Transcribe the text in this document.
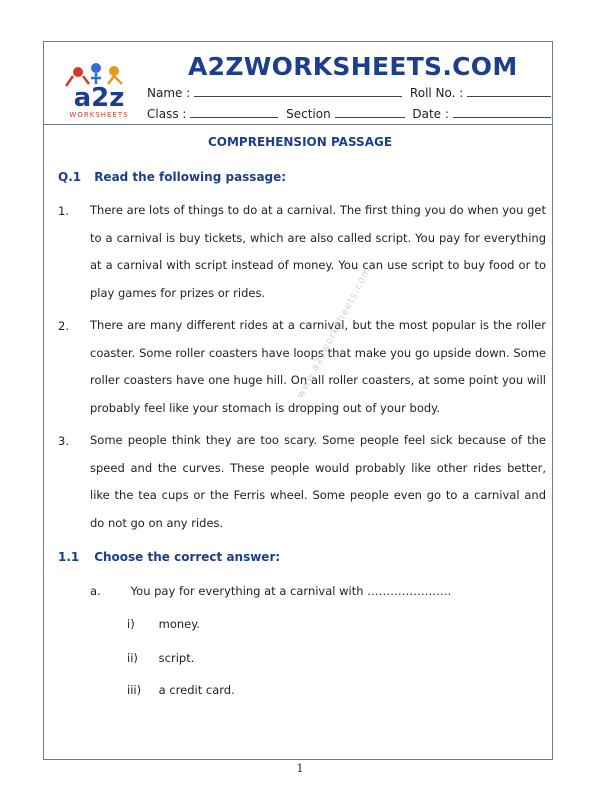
a2z
WORKSHEETS
A2ZWORKSHEETS.COM
Name :	Roll No. :
Class :	Section	Date :
COMPREHENSION PASSAGE
Q.1 Read the following passage:
1. There are lots of things to do at a carnival. The first thing you do when you get to a carnival is buy tickets, which are also called script. You pay for everything at a carnival with script instead of money. You can use script to buy food or to play games for prizes or rides.
2. There are many different rides at a carnival, but the most popular is the roller coaster. Some roller coasters have loops that make you go upside down. Some roller coasters have one huge hill. On all roller coasters, at some point you will probably feel like your stomach is dropping out of your body.
3. Some people think they are too scary. Some people feel sick because of the speed and the curves. These people would probably like other rides better, like the tea cups or the Ferris wheel. Some people even go to a carnival and do not go on any rides.
www.a2zworksheets.com
1.1 Choose the correct answer:
a.	You pay for everything at a carnival with ………………….
i) money.
ii) script.
iii) a credit card.
1
